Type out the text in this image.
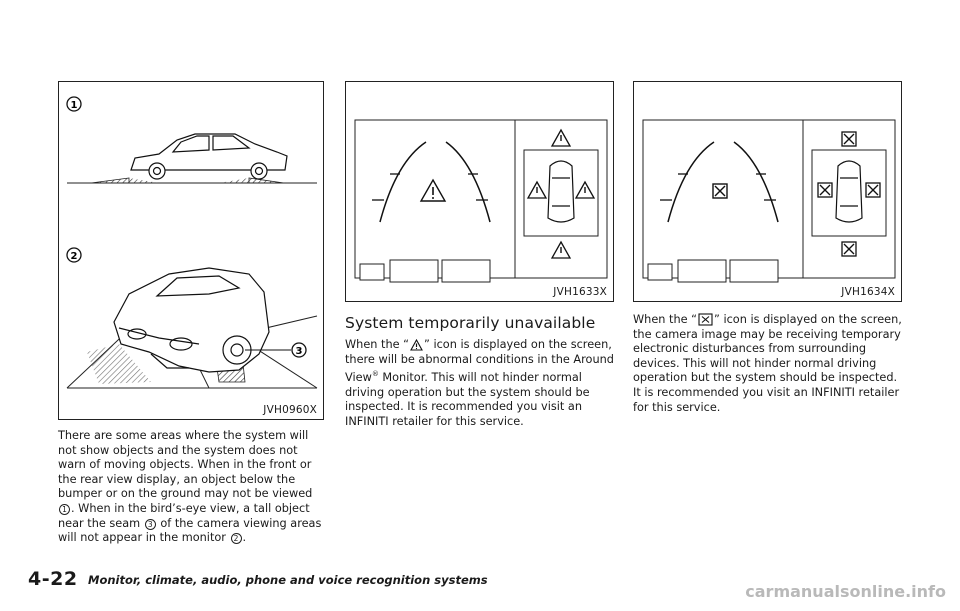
1
2
3
JVH0960X
JVH1633X	JVH1634X
There are some areas where the system will not show objects and the system does not warn of moving objects. When in the front or the rear view display, an object below the bumper or on the ground may not be viewed 1 . When in the bird’s-eye view, a tall object near the seam 3 of the camera viewing areas will not appear in the monitor 2 .
System temporarily unavailable
When the “ ” icon is displayed on the screen, there will be abnormal conditions in the Around View® Monitor. This will not hinder normal driving operation but the system should be inspected. It is recommended you visit an INFINITI retailer for this service.
When the “ ” icon is displayed on the screen, the camera image may be receiving temporary electronic disturbances from surrounding devices. This will not hinder normal driving operation but the system should be inspected. It is recommended you visit an INFINITI retailer for this service.
4-22 Monitor, climate, audio, phone and voice recognition systems
carmanualsonline.info
